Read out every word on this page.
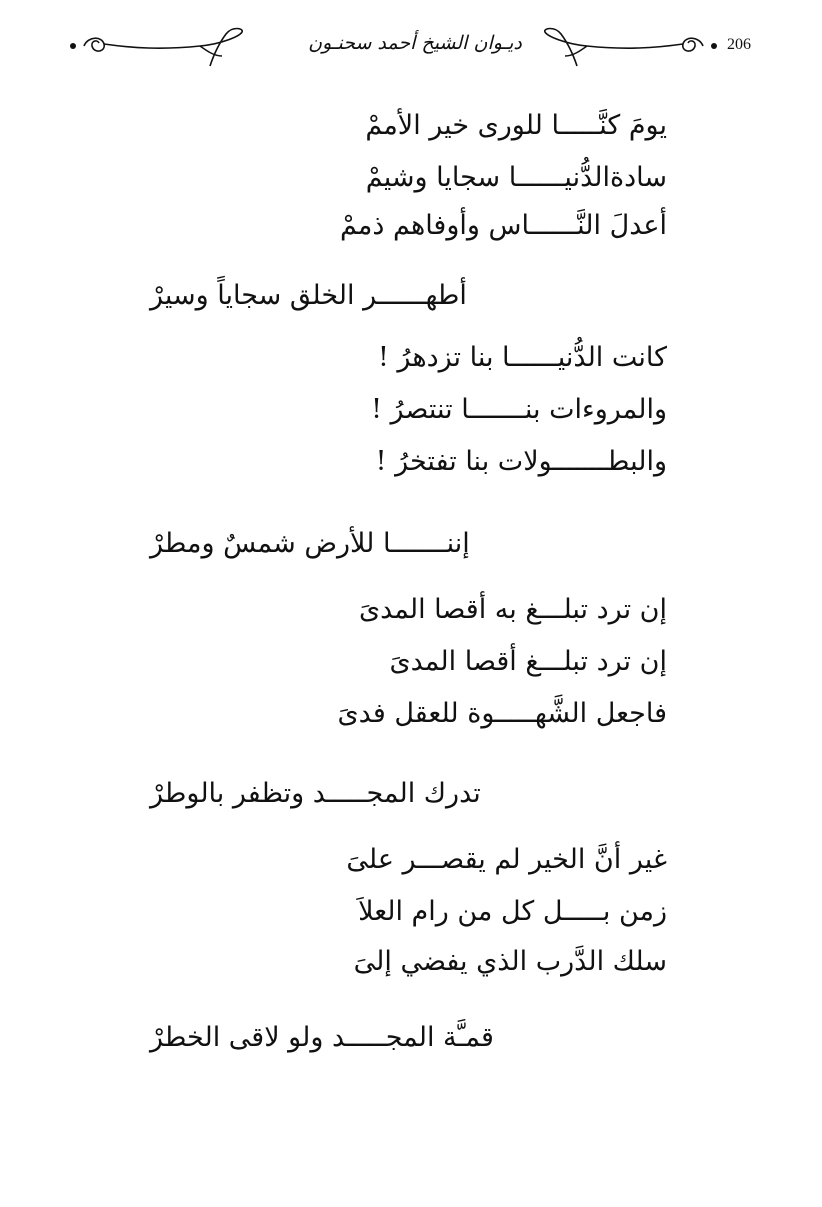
ديـوان الشيخ أحمد سحنـون	206
يومَ كنَّـــــا للورى خير الأممْ
سادةالدُّنيــــــا سجايا وشيمْ
أعدلَ النَّــــــاس وأوفاهم ذممْ
أطهــــــر الخلق سجاياً وسيرْ
كانت الدُّنيــــــا بنا تزدهرُ !
والمروءات بنـــــــا تنتصرُ !
والبطـــــــولات بنا تفتخرُ !
إننـــــــا للأرض شمسٌ ومطرْ
إن ترد تبلـــغ به أقصا المدىَ
إن ترد تبلـــغ أقصا المدىَ
فاجعل الشَّهـــــوة للعقل فدىَ
تدرك المجـــــد وتظفر بالوطرْ
غير أنَّ الخير لم يقصـــر علىَ
زمن بـــــل كل من رام العلاَ
سلك الدَّرب الذي يفضي إلىَ
قمـَّة المجـــــد ولو لاقى الخطرْ
